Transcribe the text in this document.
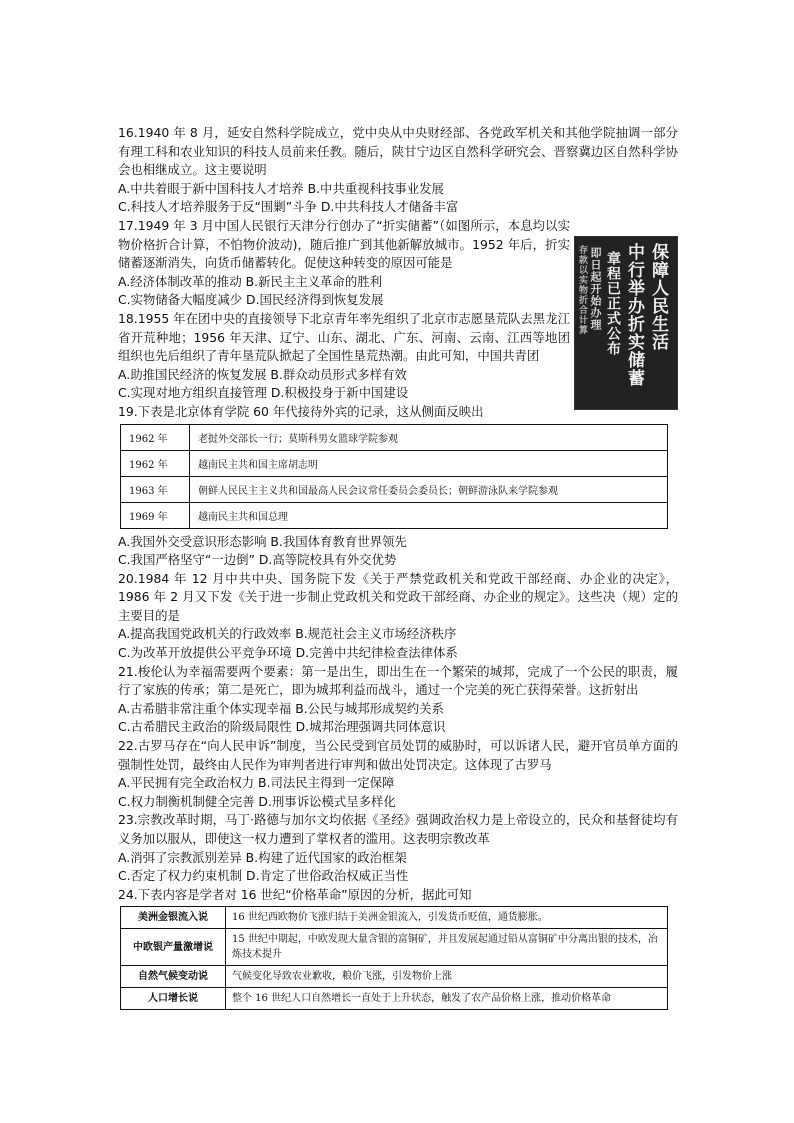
16.1940 年 8 月，延安自然科学院成立，党中央从中央财经部、各党政军机关和其他学院抽调一部分有理工科和农业知识的科技人员前来任教。随后，陕甘宁边区自然科学研究会、晋察冀边区自然科学协会也相继成立。这主要说明

A.中共着眼于新中国科技人才培养 B.中共重视科技事业发展

C.科技人才培养服务于反“围剿”斗争 D.中共科技人才储备丰富

17.1949 年 3 月中国人民银行天津分行创办了“折实储蓄”（如图所示，本息均以实物价格折合计算，不怕物价波动)，随后推广到其他新解放城市。1952 年后，折实储蓄逐渐消失，向货币储蓄转化。促使这种转变的原因可能是

A.经济体制改革的推动 B.新民主主义革命的胜利

C.实物储备大幅度减少 D.国民经济得到恢复发展

18.1955 年在团中央的直接领导下北京青年率先组织了北京市志愿垦荒队去黑龙江省开荒种地；1956 年天津、辽宁、山东、湖北、广东、河南、云南、江西等地团组织也先后组织了青年垦荒队掀起了全国性垦荒热潮。由此可知，中国共青团

保障人民生活
中行举办折实储蓄
章程已正式公布
即日起开始办理
存款以实物折合计算

A.助推国民经济的恢复发展 B.群众动员形式多样有效

C.实现对地方组织直接管理 D.积极投身于新中国建设

19.下表是北京体育学院 60 年代接待外宾的记录，这从侧面反映出

1962 年	老挝外交部长一行；莫斯科男女篮球学院参观
1962 年	越南民主共和国主席胡志明
1963 年	朝鲜人民民主主义共和国最高人民会议常任委员会委员长；朝鲜游泳队来学院参观
1969 年	越南民主共和国总理

A.我国外交受意识形态影响 B.我国体育教育世界领先

C.我国严格坚守“一边倒” D.高等院校具有外交优势

20.1984 年 12 月中共中央、国务院下发《关于严禁党政机关和党政干部经商、办企业的决定》，1986 年 2 月又下发《关于进一步制止党政机关和党政干部经商、办企业的规定》。这些决（规）定的主要目的是

A.提高我国党政机关的行政效率 B.规范社会主义市场经济秩序

C.为改革开放提供公平竞争环境 D.完善中共纪律检查法律体系

21.梭伦认为幸福需要两个要素：第一是出生，即出生在一个繁荣的城邦，完成了一个公民的职责，履行了家族的传承；第二是死亡，即为城邦利益而战斗，通过一个完美的死亡获得荣誉。这折射出

A.古希腊非常注重个体实现幸福 B.公民与城邦形成契约关系

C.古希腊民主政治的阶级局限性 D.城邦治理强调共同体意识

22.古罗马存在“向人民申诉”制度，当公民受到官员处罚的威胁时，可以诉诸人民，避开官员单方面的强制性处罚，最终由人民作为审判者进行审判和做出处罚决定。这体现了古罗马

A.平民拥有完全政治权力 B.司法民主得到一定保障

C.权力制衡机制健全完善 D.刑事诉讼模式呈多样化

23.宗教改革时期，马丁·路德与加尔文均依据《圣经》强调政治权力是上帝设立的，民众和基督徒均有义务加以服从，即使这一权力遭到了掌权者的滥用。这表明宗教改革

A.消弭了宗教派别差异 B.构建了近代国家的政治框架

C.否定了权力约束机制 D.肯定了世俗政治权威正当性

24.下表内容是学者对 16 世纪“价格革命”原因的分析，据此可知

美洲金银流入说	16 世纪西欧物价飞涨归结于美洲金银流入，引发货币贬值，通货膨胀。
中欧银产量激增说	15 世纪中期起，中欧发现大量含银的富铜矿，并且发展起通过铅从富铜矿中分离出银的技术，冶炼技术提升
自然气候变动说	气候变化导致农业歉收，粮价飞涨，引发物价上涨
人口增长说	整个 16 世纪人口自然增长一直处于上升状态，触发了农产品价格上涨，推动价格革命
